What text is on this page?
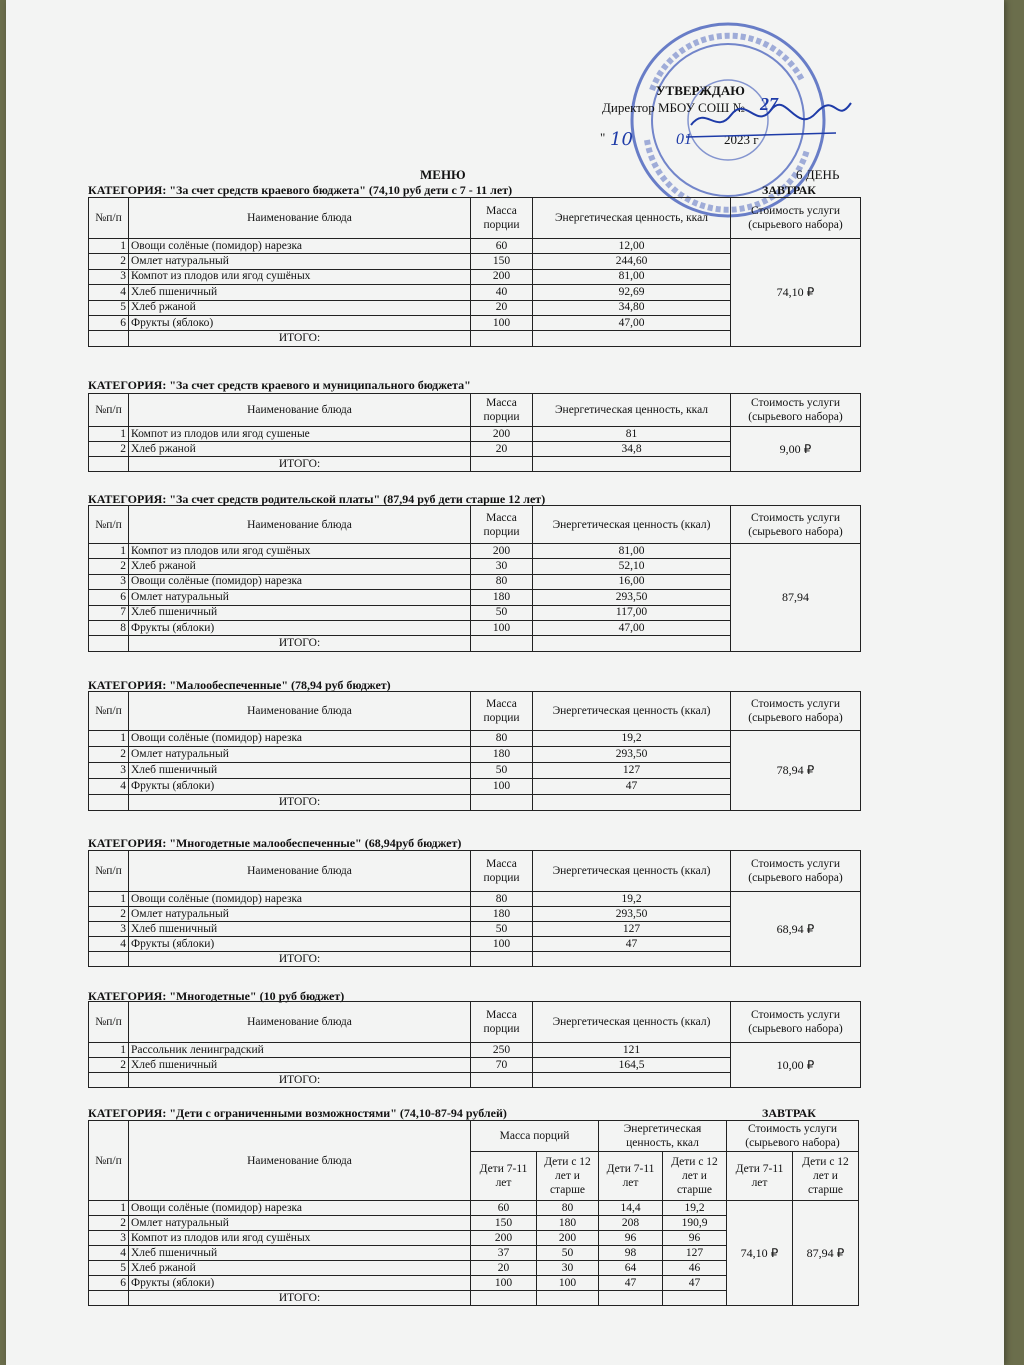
УТВЕРЖДАЮ
Директор МБОУ СОШ № 27
" 10	01 2023 г
МЕНЮ	6 ДЕНЬ
КАТЕГОРИЯ: "За счет средств краевого бюджета" (74,10 руб дети с 7 - 11 лет)	ЗАВТРАК
№п/п	Наименование блюда	Масса порции	Энергетическая ценность, ккал	Стоимость услуги (сырьевого набора)
1	Овощи солёные (помидор) нарезка	60	12,00	74,10 ₽
2	Омлет натуральный	150	244,60	
3	Компот из плодов или ягод сушёных	200	81,00	
4	Хлеб пшеничный	40	92,69	
5	Хлеб ржаной	20	34,80	
6	Фрукты (яблоко)	100	47,00	
	ИТОГО:			
КАТЕГОРИЯ: "За счет средств краевого и муниципального бюджета"
№п/п	Наименование блюда	Масса порции	Энергетическая ценность, ккал	Стоимость услуги (сырьевого набора)
1	Компот из плодов или ягод сушеные	200	81	9,00 ₽
2	Хлеб ржаной	20	34,8	
	ИТОГО:			
КАТЕГОРИЯ: "За счет средств родительской платы" (87,94 руб дети старше 12 лет)
№п/п	Наименование блюда	Масса порции	Энергетическая ценность (ккал)	Стоимость услуги (сырьевого набора)
1	Компот из плодов или ягод сушёных	200	81,00	87,94
2	Хлеб ржаной	30	52,10	
3	Овощи солёные (помидор) нарезка	80	16,00	
6	Омлет натуральный	180	293,50	
7	Хлеб пшеничный	50	117,00	
8	Фрукты (яблоки)	100	47,00	
	ИТОГО:			
КАТЕГОРИЯ: "Малообеспеченные" (78,94 руб бюджет)
№п/п	Наименование блюда	Масса порции	Энергетическая ценность (ккал)	Стоимость услуги (сырьевого набора)
1	Овощи солёные (помидор) нарезка	80	19,2	78,94 ₽
2	Омлет натуральный	180	293,50	
3	Хлеб пшеничный	50	127	
4	Фрукты (яблоки)	100	47	
	ИТОГО:			
КАТЕГОРИЯ: "Многодетные малообеспеченные" (68,94руб бюджет)
№п/п	Наименование блюда	Масса порции	Энергетическая ценность (ккал)	Стоимость услуги (сырьевого набора)
1	Овощи солёные (помидор) нарезка	80	19,2	68,94 ₽
2	Омлет натуральный	180	293,50	
3	Хлеб пшеничный	50	127	
4	Фрукты (яблоки)	100	47	
	ИТОГО:			
КАТЕГОРИЯ: "Многодетные" (10 руб бюджет)
№п/п	Наименование блюда	Масса порции	Энергетическая ценность (ккал)	Стоимость услуги (сырьевого набора)
1	Рассольник ленинградский	250	121	10,00 ₽
2	Хлеб пшеничный	70	164,5	
	ИТОГО:			
КАТЕГОРИЯ: "Дети с ограниченными возможностями" (74,10-87-94 рублей)	ЗАВТРАК
№п/п	Наименование блюда	Масса порций		Энергетическая ценность, ккал		Стоимость услуги (сырьевого набора)	
		Дети 7-11 лет	Дети с 12 лет и старше	Дети 7-11 лет	Дети с 12 лет и старше	Дети 7-11 лет	Дети с 12 лет и старше
1	Овощи солёные (помидор) нарезка	60	80	14,4	19,2	74,10 ₽	87,94 ₽
2	Омлет натуральный	150	180	208	190,9		
3	Компот из плодов или ягод сушёных	200	200	96	96		
4	Хлеб пшеничный	37	50	98	127		
5	Хлеб ржаной	20	30	64	46		
6	Фрукты (яблоки)	100	100	47	47		
	ИТОГО:						
